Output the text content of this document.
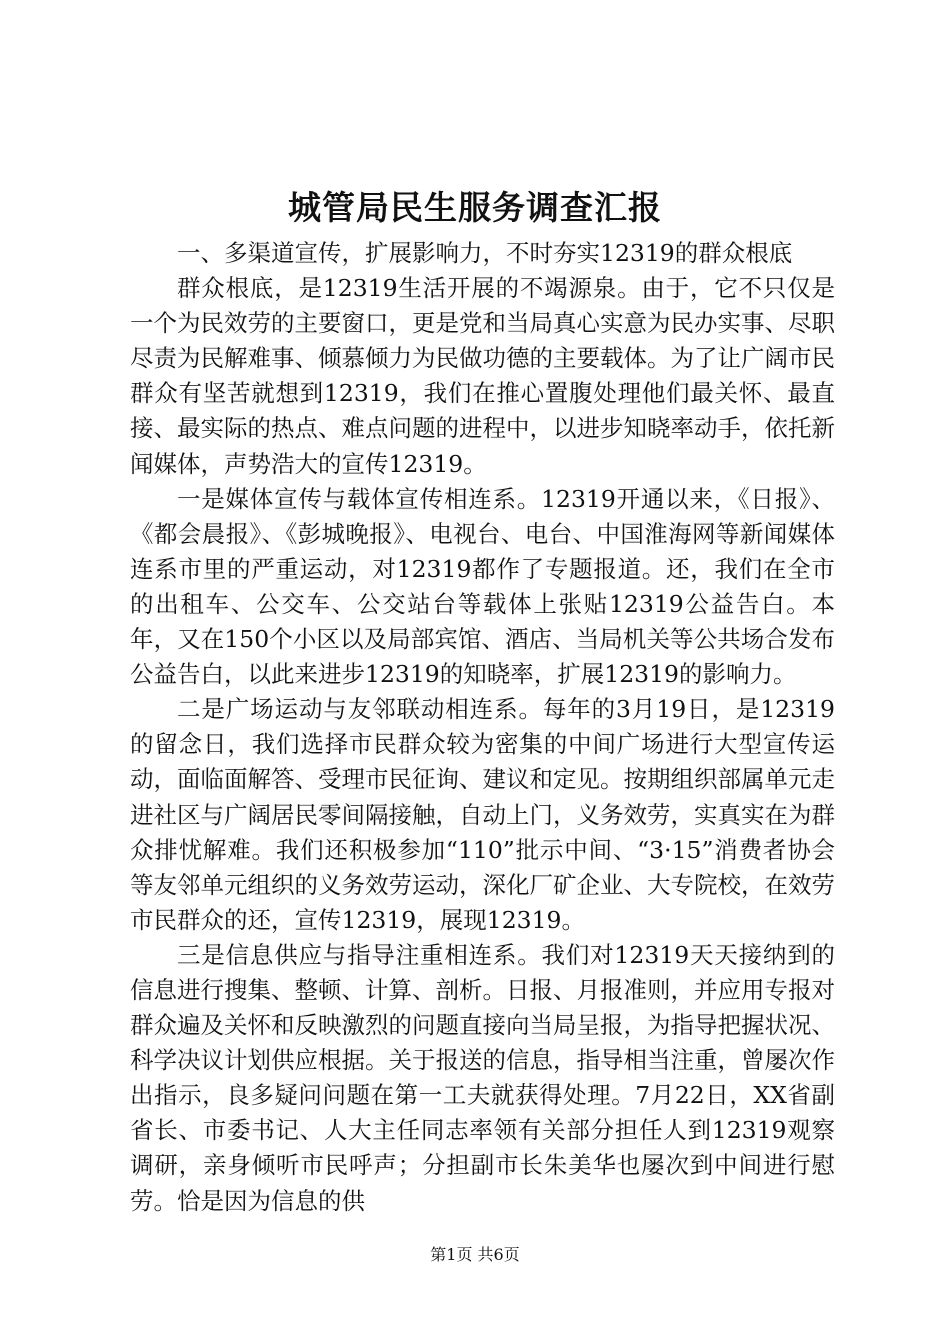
城管局民生服务调查汇报

一、多渠道宣传，扩展影响力，不时夯实12319的群众根底

群众根底，是12319生活开展的不竭源泉。由于，它不只仅是一个为民效劳的主要窗口，更是党和当局真心实意为民办实事、尽职尽责为民解难事、倾慕倾力为民做功德的主要载体。为了让广阔市民群众有坚苦就想到12319，我们在推心置腹处理他们最关怀、最直接、最实际的热点、难点问题的进程中，以进步知晓率动手，依托新闻媒体，声势浩大的宣传12319。

一是媒体宣传与载体宣传相连系。12319开通以来，《日报》、《都会晨报》、《彭城晚报》、电视台、电台、中国淮海网等新闻媒体连系市里的严重运动，对12319都作了专题报道。还，我们在全市的出租车、公交车、公交站台等载体上张贴12319公益告白。本年，又在150个小区以及局部宾馆、酒店、当局机关等公共场合发布公益告白，以此来进步12319的知晓率，扩展12319的影响力。

二是广场运动与友邻联动相连系。每年的3月19日，是12319的留念日，我们选择市民群众较为密集的中间广场进行大型宣传运动，面临面解答、受理市民征询、建议和定见。按期组织部属单元走进社区与广阔居民零间隔接触，自动上门，义务效劳，实真实在为群众排忧解难。我们还积极参加“110”批示中间、“3·15”消费者协会等友邻单元组织的义务效劳运动，深化厂矿企业、大专院校，在效劳市民群众的还，宣传12319，展现12319。

三是信息供应与指导注重相连系。我们对12319天天接纳到的信息进行搜集、整顿、计算、剖析。日报、月报准则，并应用专报对群众遍及关怀和反映激烈的问题直接向当局呈报，为指导把握状况、科学决议计划供应根据。关于报送的信息，指导相当注重，曾屡次作出指示，良多疑问问题在第一工夫就获得处理。7月22日，XX省副省长、市委书记、人大主任同志率领有关部分担任人到12319观察调研，亲身倾听市民呼声；分担副市长朱美华也屡次到中间进行慰劳。恰是因为信息的供

第1页 共6页
